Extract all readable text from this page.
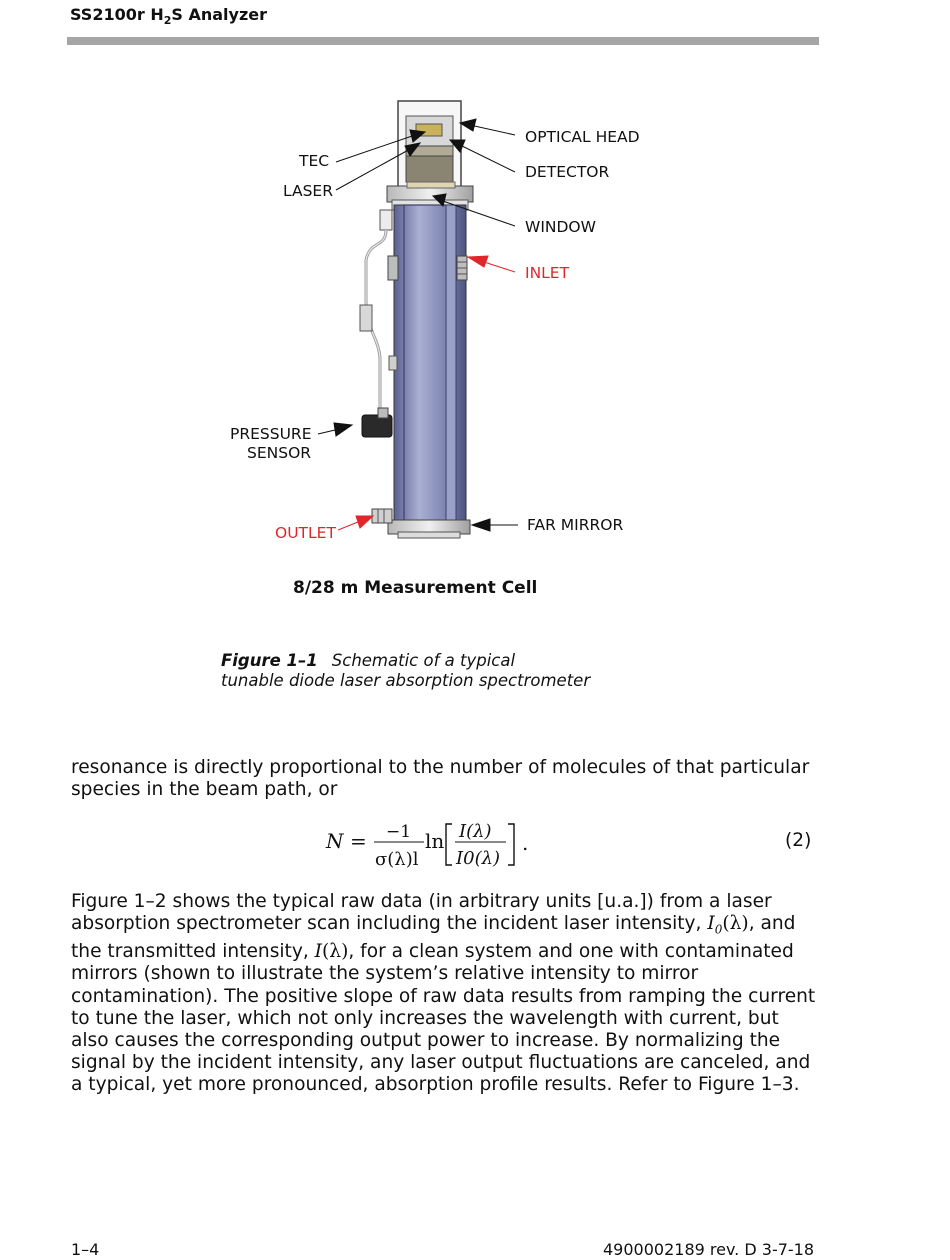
SS2100r $H_2S$ Analyzer
OPTICAL HEAD
TEC
DETECTOR
LASER
WINDOW
INLET
PRESSURE
SENSOR
OUTLET	FAR MIRROR
8/28 m Measurement Cell
Figure 1–1 Schematic of a typical
tunable diode laser absorption spectrometer
resonance is directly proportional to the number of molecules of that particular
species in the beam path, or
N = −1
σ(λ)l
ln I(λ)
I0(λ)
.	(2)
Figure 1–2 shows the typical raw data (in arbitrary units [u.a.]) from a laser
absorption spectrometer scan including the incident laser intensity, $I_0(\lambda)$, and
the transmitted intensity, I(λ), for a clean system and one with contaminated
mirrors (shown to illustrate the system’s relative intensity to mirror
contamination). The positive slope of raw data results from ramping the current
to tune the laser, which not only increases the wavelength with current, but
also causes the corresponding output power to increase. By normalizing the
signal by the incident intensity, any laser output fluctuations are canceled, and
a typical, yet more pronounced, absorption profile results. Refer to Figure 1–3.
1–4	4900002189 rev. D 3-7-18
